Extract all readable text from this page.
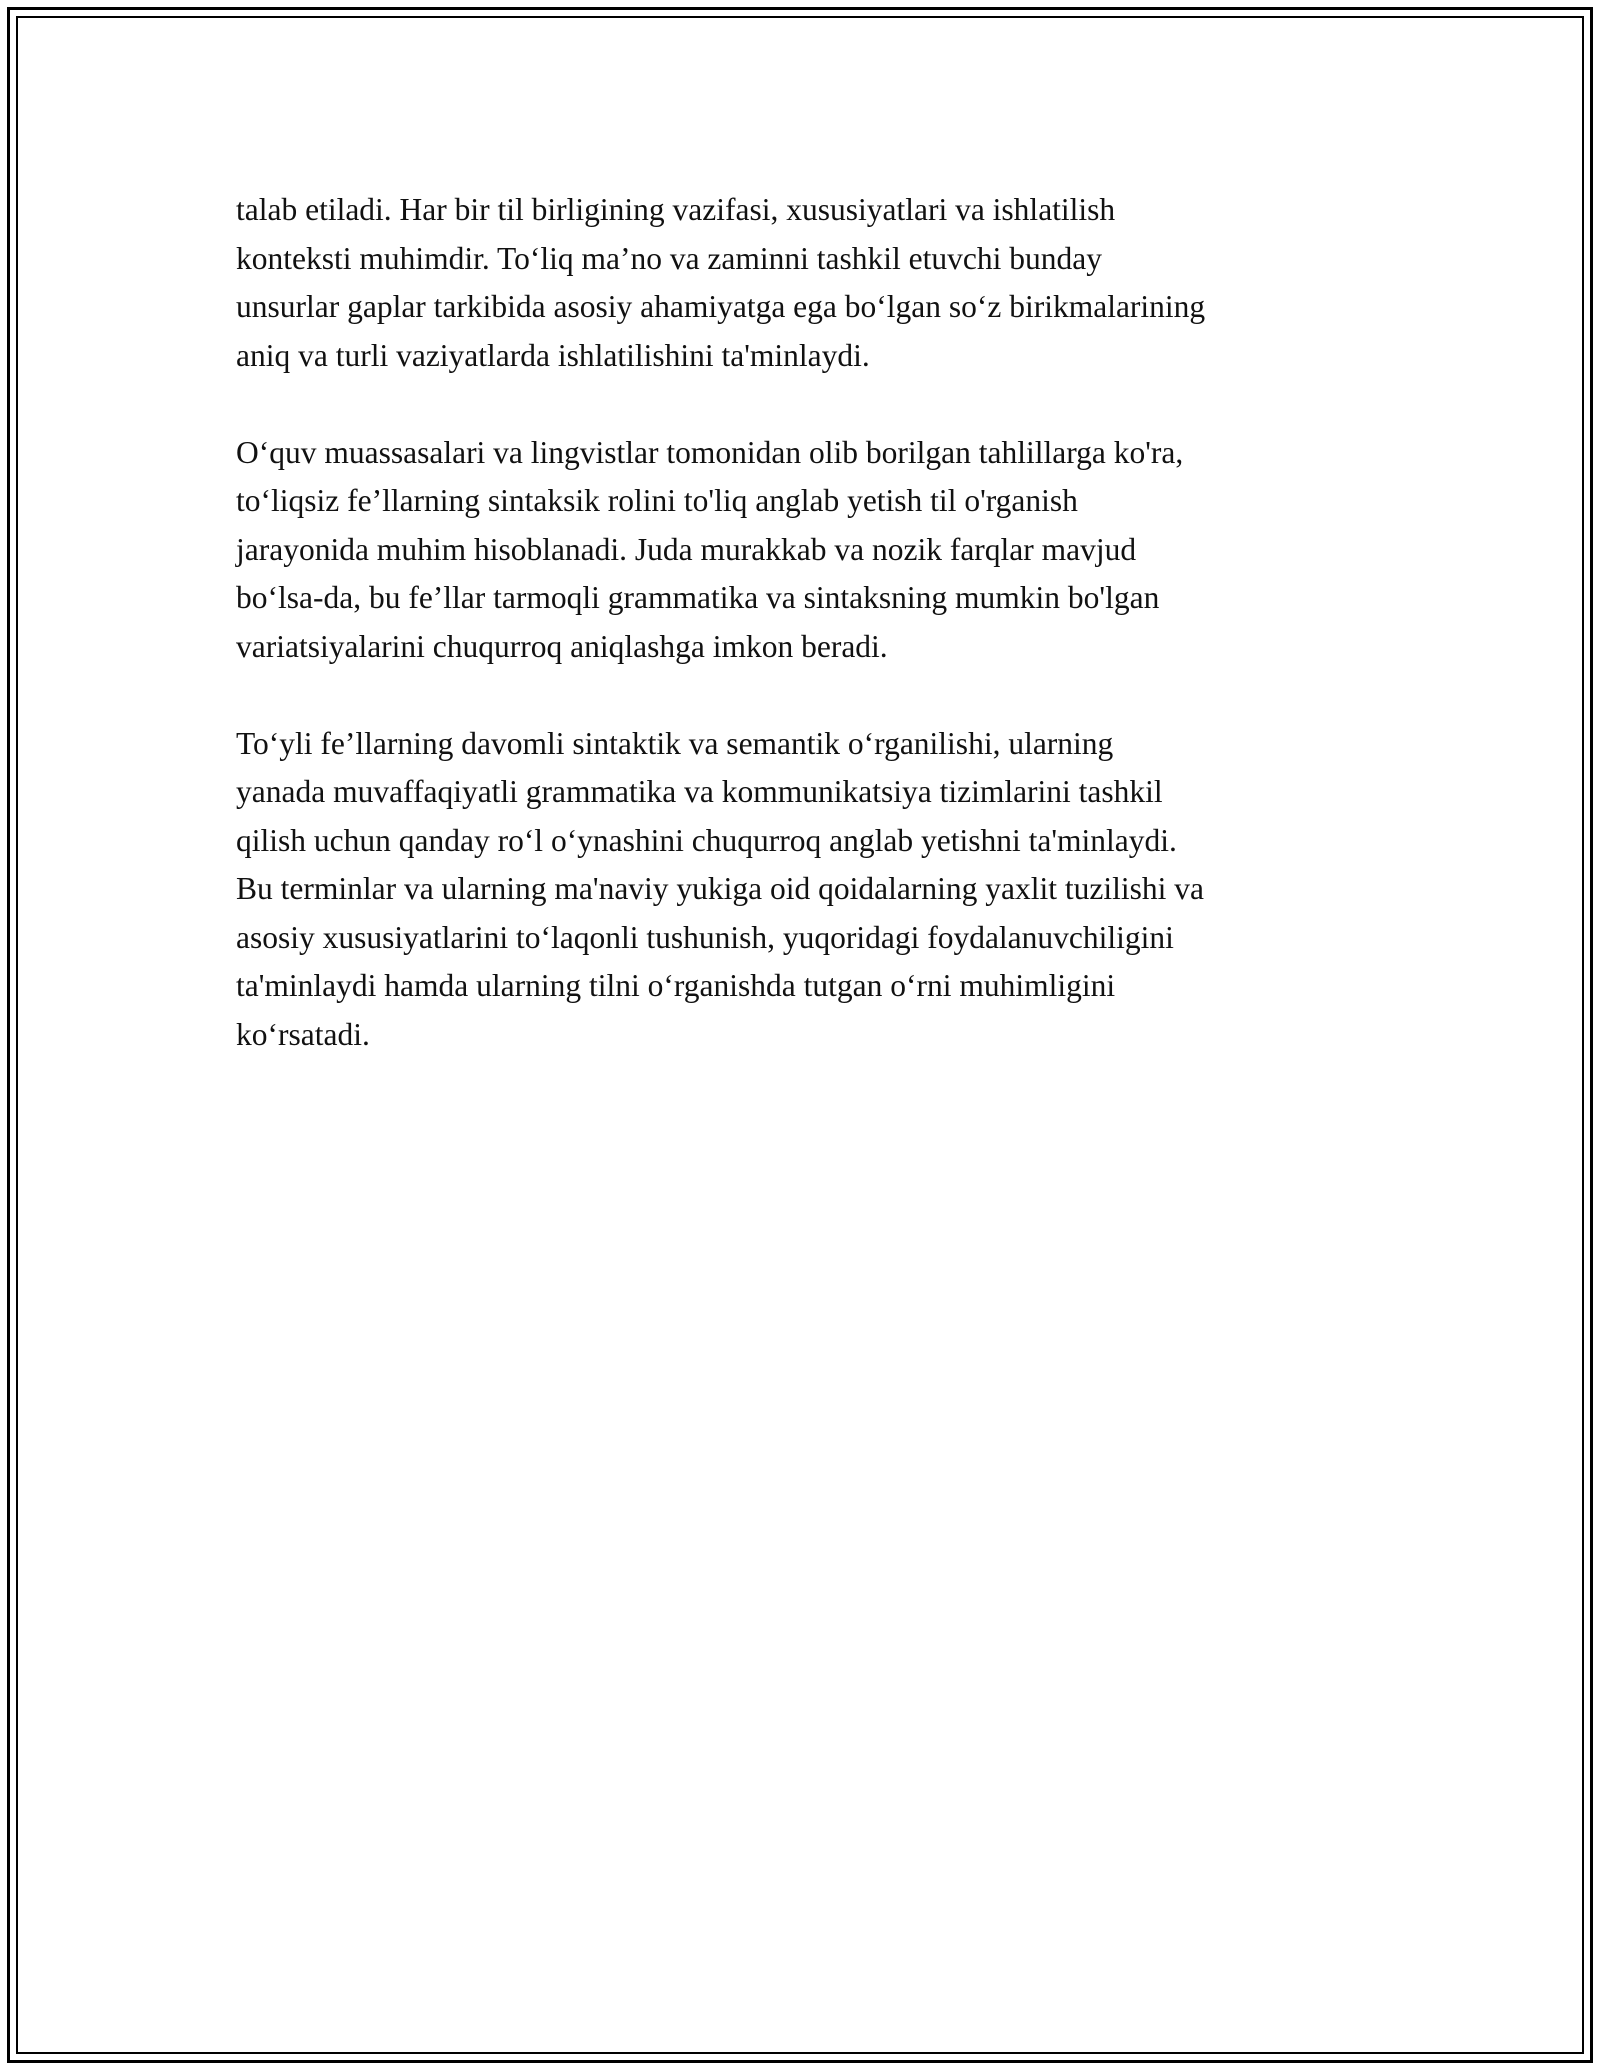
talab etiladi. Har bir til birligining vazifasi, xususiyatlari va ishlatilish
konteksti muhimdir. To‘liq ma’no va zaminni tashkil etuvchi bunday
unsurlar gaplar tarkibida asosiy ahamiyatga ega bo‘lgan so‘z birikmalarining
aniq va turli vaziyatlarda ishlatilishini ta'minlaydi.

O‘quv muassasalari va lingvistlar tomonidan olib borilgan tahlillarga ko'ra,
to‘liqsiz fe’llarning sintaksik rolini to'liq anglab yetish til o'rganish
jarayonida muhim hisoblanadi. Juda murakkab va nozik farqlar mavjud
bo‘lsa-da, bu fe’llar tarmoqli grammatika va sintaksning mumkin bo'lgan
variatsiyalarini chuqurroq aniqlashga imkon beradi.

To‘yli fe’llarning davomli sintaktik va semantik o‘rganilishi, ularning
yanada muvaffaqiyatli grammatika va kommunikatsiya tizimlarini tashkil
qilish uchun qanday ro‘l o‘ynashini chuqurroq anglab yetishni ta'minlaydi.
Bu terminlar va ularning ma'naviy yukiga oid qoidalarning yaxlit tuzilishi va
asosiy xususiyatlarini to‘laqonli tushunish, yuqoridagi foydalanuvchiligini
ta'minlaydi hamda ularning tilni o‘rganishda tutgan o‘rni muhimligini
ko‘rsatadi.
